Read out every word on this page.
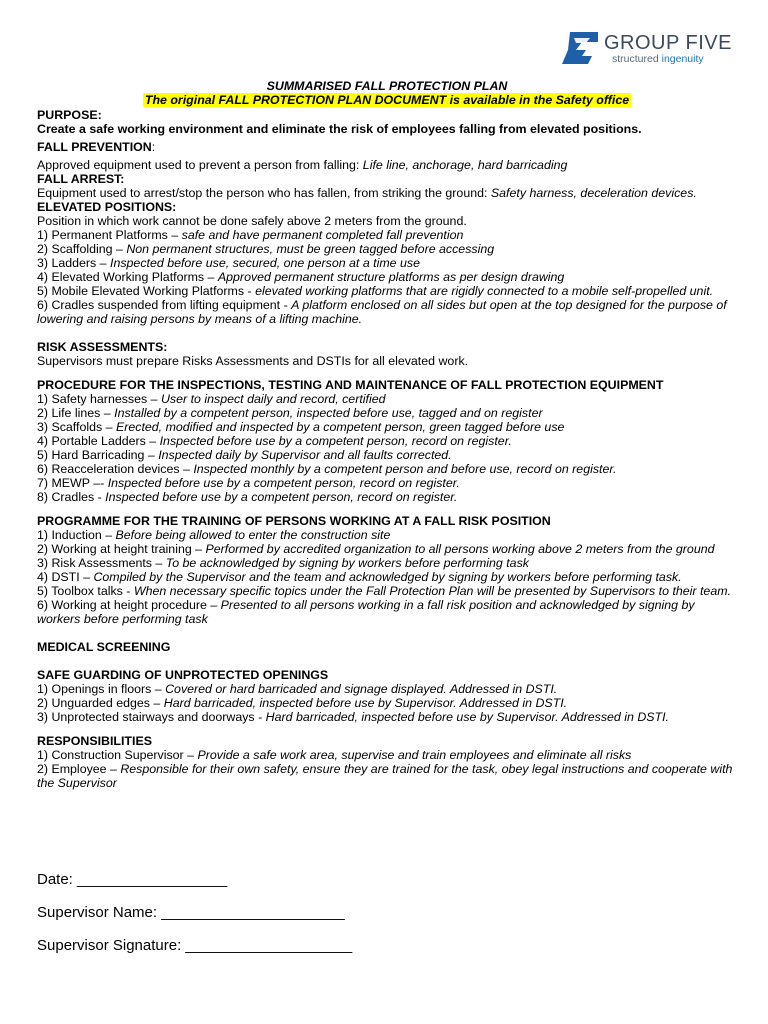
GROUP FIVE
structured ingenuity
SUMMARISED FALL PROTECTION PLAN
The original FALL PROTECTION PLAN DOCUMENT is available in the Safety office
PURPOSE:
Create a safe working environment and eliminate the risk of employees falling from elevated positions.
FALL PREVENTION:
Approved equipment used to prevent a person from falling: Life line, anchorage, hard barricading
FALL ARREST:
Equipment used to arrest/stop the person who has fallen, from striking the ground: Safety harness, deceleration devices.
ELEVATED POSITIONS:
Position in which work cannot be done safely above 2 meters from the ground.
1) Permanent Platforms – safe and have permanent completed fall prevention
2) Scaffolding – Non permanent structures, must be green tagged before accessing
3) Ladders – Inspected before use, secured, one person at a time use
4) Elevated Working Platforms – Approved permanent structure platforms as per design drawing
5) Mobile Elevated Working Platforms - elevated working platforms that are rigidly connected to a mobile self-propelled unit.
6) Cradles suspended from lifting equipment - A platform enclosed on all sides but open at the top designed for the purpose of lowering and raising persons by means of a lifting machine.
RISK ASSESSMENTS:
Supervisors must prepare Risks Assessments and DSTIs for all elevated work.
PROCEDURE FOR THE INSPECTIONS, TESTING AND MAINTENANCE OF FALL PROTECTION EQUIPMENT
1) Safety harnesses – User to inspect daily and record, certified
2) Life lines – Installed by a competent person, inspected before use, tagged and on register
3) Scaffolds – Erected, modified and inspected by a competent person, green tagged before use
4) Portable Ladders – Inspected before use by a competent person, record on register.
5) Hard Barricading – Inspected daily by Supervisor and all faults corrected.
6) Reacceleration devices – Inspected monthly by a competent person and before use, record on register.
7) MEWP –- Inspected before use by a competent person, record on register.
8) Cradles - Inspected before use by a competent person, record on register.
PROGRAMME FOR THE TRAINING OF PERSONS WORKING AT A FALL RISK POSITION
1) Induction – Before being allowed to enter the construction site
2) Working at height training – Performed by accredited organization to all persons working above 2 meters from the ground
3) Risk Assessments – To be acknowledged by signing by workers before performing task
4) DSTI – Compiled by the Supervisor and the team and acknowledged by signing by workers before performing task.
5) Toolbox talks - When necessary specific topics under the Fall Protection Plan will be presented by Supervisors to their team.
6) Working at height procedure – Presented to all persons working in a fall risk position and acknowledged by signing by workers before performing task
MEDICAL SCREENING
SAFE GUARDING OF UNPROTECTED OPENINGS
1) Openings in floors – Covered or hard barricaded and signage displayed. Addressed in DSTI.
2) Unguarded edges – Hard barricaded, inspected before use by Supervisor. Addressed in DSTI.
3) Unprotected stairways and doorways - Hard barricaded, inspected before use by Supervisor. Addressed in DSTI.
RESPONSIBILITIES
1) Construction Supervisor – Provide a safe work area, supervise and train employees and eliminate all risks
2) Employee – Responsible for their own safety, ensure they are trained for the task, obey legal instructions and cooperate with the Supervisor
Date: __________________
Supervisor Name: ______________________
Supervisor Signature: ____________________
